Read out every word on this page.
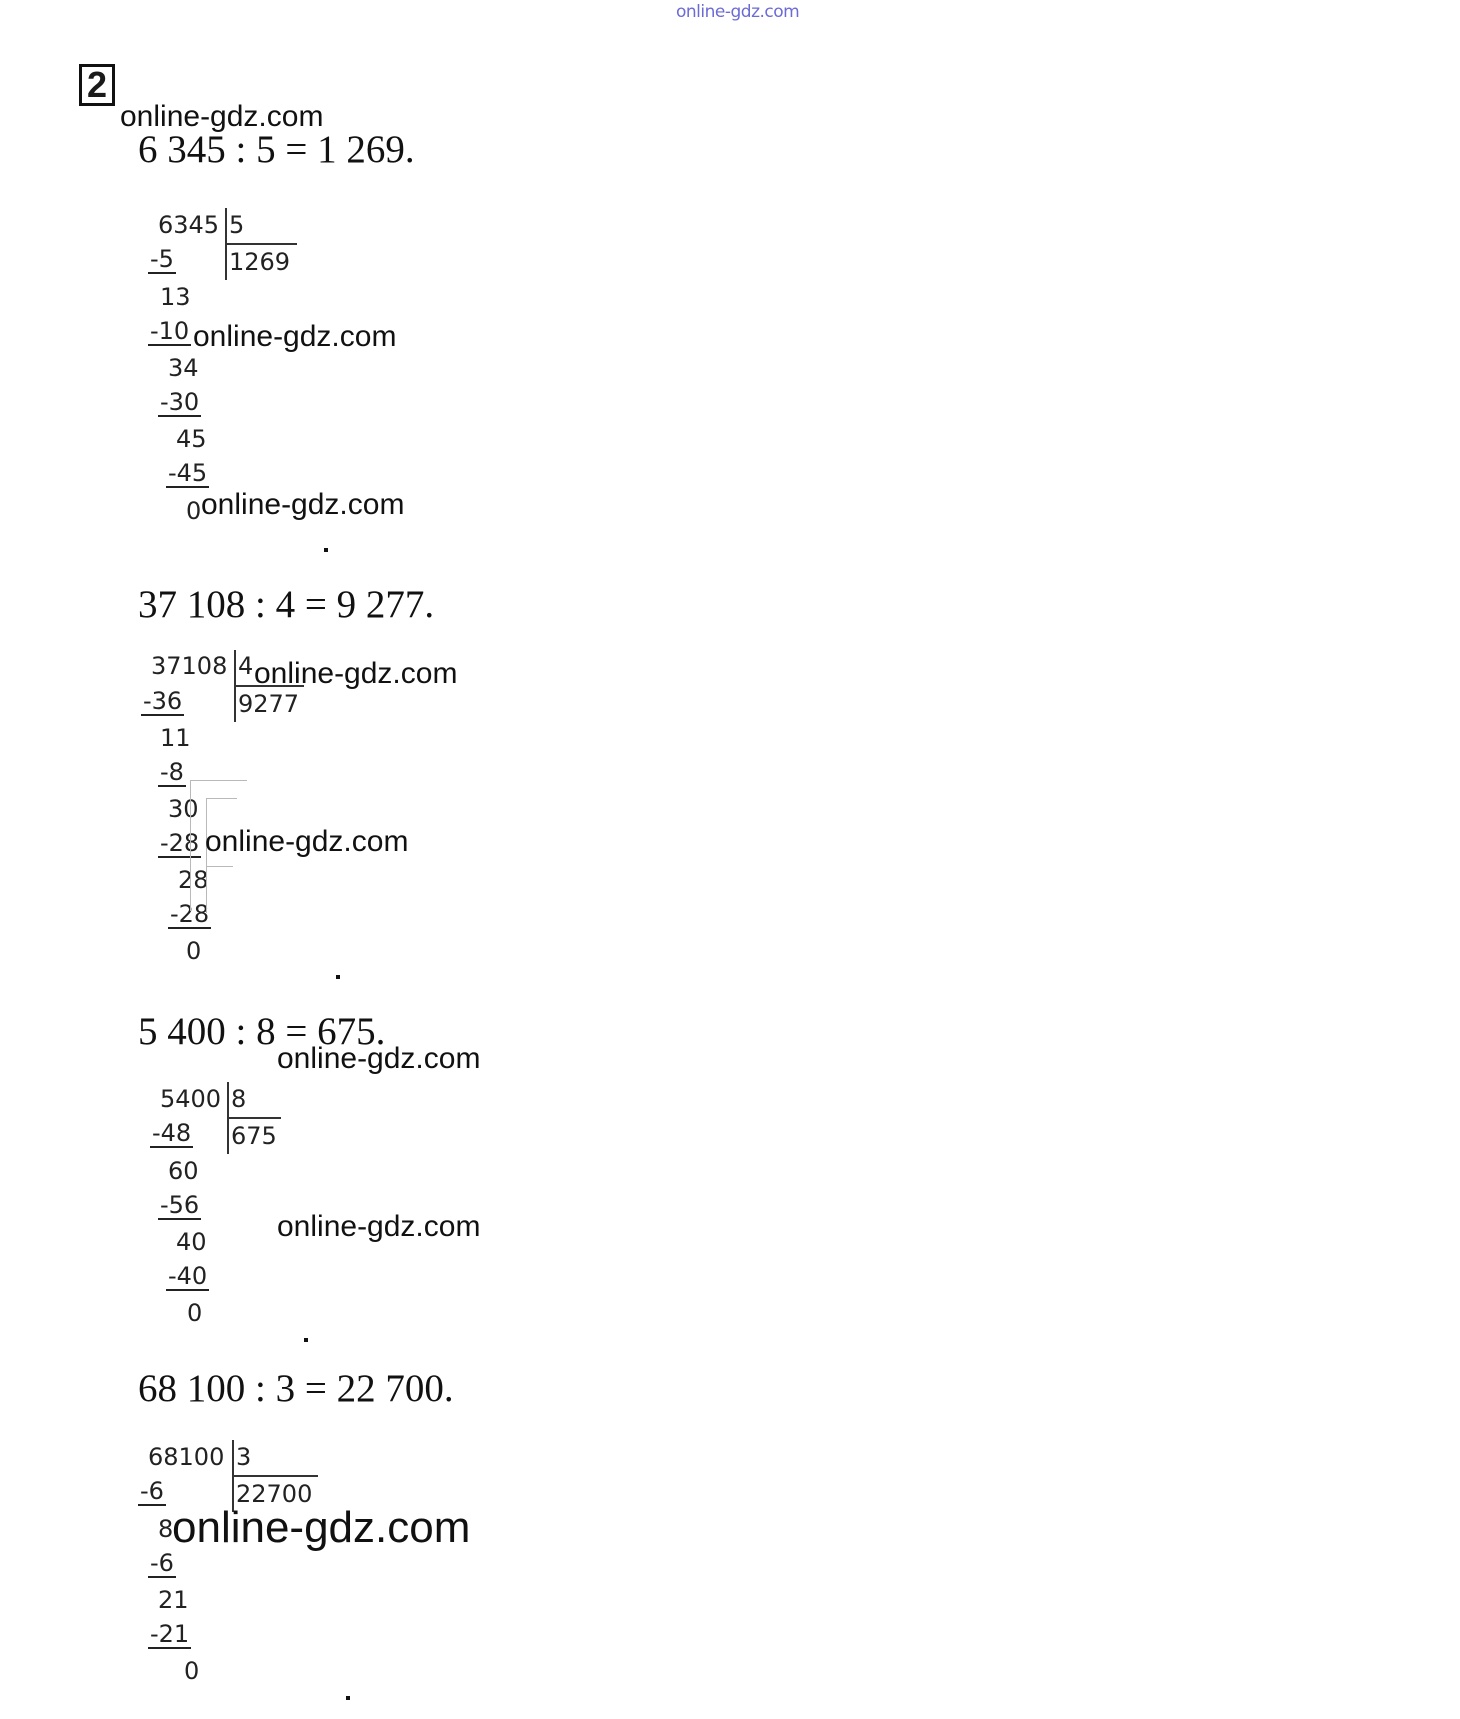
online-gdz.com
2
online-gdz.com
6 345 : 5 = 1 269.
6345 5
1269
-5
13
-10
34
-30
45
-45
0
online-gdz.com
online-gdz.com
37 108 : 4 = 9 277.
37108 4
9277
-36
11
-8
30
-28
28
-28
0
online-gdz.com
online-gdz.com
5 400 : 8 = 675.
online-gdz.com
5400 8
675
-48
60
-56
40
-40
0
online-gdz.com
68 100 : 3 = 22 700.
68100 3
22700
-6
8
-6
21
-21
0
online-gdz.com
